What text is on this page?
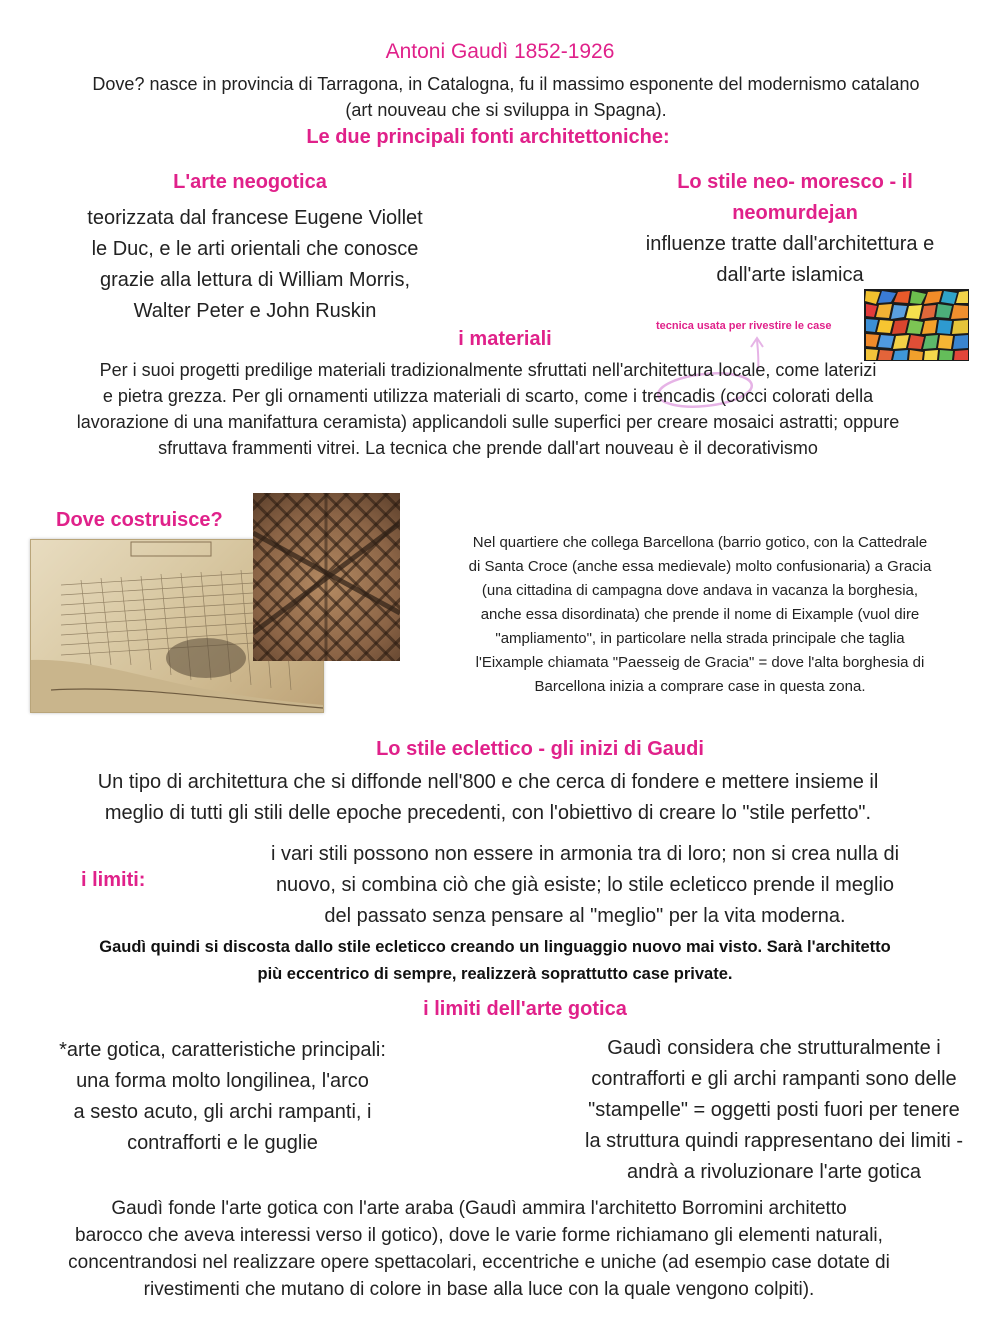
Antoni Gaudì 1852-1926
Dove? nasce in provincia di Tarragona, in Catalogna, fu il massimo esponente del modernismo catalano
(art nouveau che si sviluppa in Spagna).
Le due principali fonti architettoniche:
L'arte neogotica
teorizzata dal francese Eugene Viollet
le Duc, e le arti orientali che conosce
grazie alla lettura di William Morris,
Walter Peter e John Ruskin
Lo stile neo- moresco - il
neomurdejan
influenze tratte dall'architettura e
dall'arte islamica
tecnica usata per rivestire le case
i materiali
Per i suoi progetti predilige materiali tradizionalmente sfruttati nell'architettura locale, come laterizi
e pietra grezza. Per gli ornamenti utilizza materiali di scarto, come i trencadis (cocci colorati della
lavorazione di una manifattura ceramista) applicandoli sulle superfici per creare mosaici astratti; oppure
sfruttava frammenti vitrei. La tecnica che prende dall'art nouveau è il decorativismo
Dove costruisce?
Nel quartiere che collega Barcellona (barrio gotico, con la Cattedrale
di Santa Croce (anche essa medievale) molto confusionaria) a Gracia
(una cittadina di campagna dove andava in vacanza la borghesia,
anche essa disordinata) che prende il nome di Eixample (vuol dire
"ampliamento", in particolare nella strada principale che taglia
l'Eixample chiamata "Paesseig de Gracia" = dove l'alta borghesia di
Barcellona inizia a comprare case in questa zona.
Lo stile eclettico - gli inizi di Gaudi
Un tipo di architettura che si diffonde nell'800 e che cerca di fondere e mettere insieme il
meglio di tutti gli stili delle epoche precedenti, con l'obiettivo di creare lo "stile perfetto".
i limiti:
i vari stili possono non essere in armonia tra di loro; non si crea nulla di
nuovo, si combina ciò che già esiste; lo stile ecleticco prende il meglio
del passato senza pensare al "meglio" per la vita moderna.
Gaudì quindi si discosta dallo stile ecleticco creando un linguaggio nuovo mai visto. Sarà l'architetto
più eccentrico di sempre, realizzerà soprattutto case private.
i limiti dell'arte gotica
*arte gotica, caratteristiche principali:
una forma molto longilinea, l'arco
a sesto acuto, gli archi rampanti, i
contrafforti e le guglie
Gaudì considera che strutturalmente i
contrafforti e gli archi rampanti sono delle
"stampelle" = oggetti posti fuori per tenere
la struttura quindi rappresentano dei limiti -
andrà a rivoluzionare l'arte gotica
Gaudì fonde l'arte gotica con l'arte araba (Gaudì ammira l'architetto Borromini architetto
barocco che aveva interessi verso il gotico), dove le varie forme richiamano gli elementi naturali,
concentrandosi nel realizzare opere spettacolari, eccentriche e uniche (ad esempio case dotate di
rivestimenti che mutano di colore in base alla luce con la quale vengono colpiti).
